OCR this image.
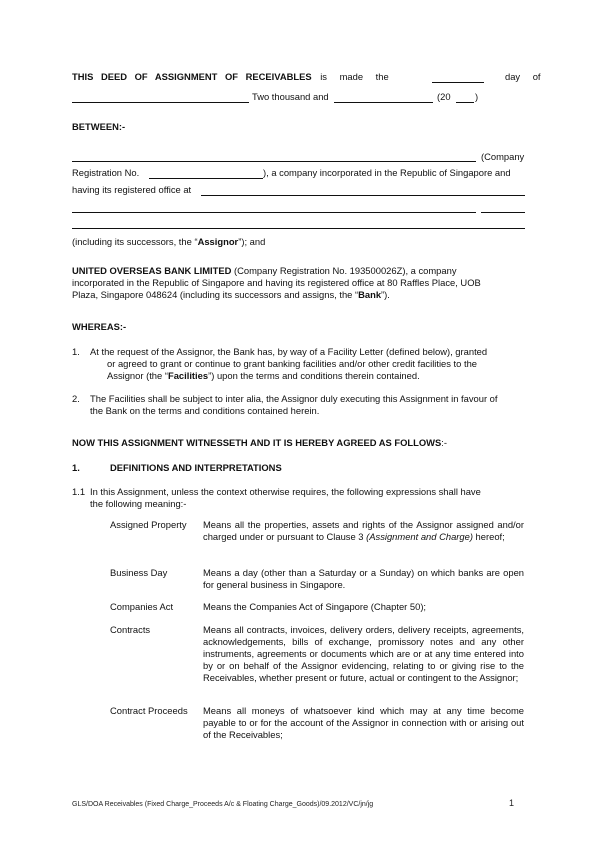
THIS DEED OF ASSIGNMENT OF RECEIVABLES is made the	day of
Two thousand and	(20	)
BETWEEN:-
(Company
Registration No.	), a company incorporated in the Republic of Singapore and
having its registered office at
(including its successors, the “Assignor”); and
UNITED OVERSEAS BANK LIMITED (Company Registration No. 193500026Z), a company
incorporated in the Republic of Singapore and having its registered office at 80 Raffles Place, UOB
Plaza, Singapore 048624 (including its successors and assigns, the “Bank”).
WHEREAS:-
1. At the request of the Assignor, the Bank has, by way of a Facility Letter (defined below), granted
or agreed to grant or continue to grant banking facilities and/or other credit facilities to the
Assignor (the “Facilities”) upon the terms and conditions therein contained.
2. The Facilities shall be subject to inter alia, the Assignor duly executing this Assignment in favour of
the Bank on the terms and conditions contained herein.
NOW THIS ASSIGNMENT WITNESSETH AND IT IS HEREBY AGREED AS FOLLOWS:-
1.	DEFINITIONS AND INTERPRETATIONS
1.1 In this Assignment, unless the context otherwise requires, the following expressions shall have
the following meaning:-
Assigned Property	Means all the properties, assets and rights of the Assignor assigned and/or charged under or pursuant to Clause 3 (Assignment and Charge) hereof;
Business Day	Means a day (other than a Saturday or a Sunday) on which banks are open for general business in Singapore.
Companies Act	Means the Companies Act of Singapore (Chapter 50);
Contracts	Means all contracts, invoices, delivery orders, delivery receipts, agreements, acknowledgements, bills of exchange, promissory notes and any other instruments, agreements or documents which are or at any time entered into by or on behalf of the Assignor evidencing, relating to or giving rise to the Receivables, whether present or future, actual or contingent to the Assignor;
Contract Proceeds Means all moneys of whatsoever kind which may at any time become payable to or for the account of the Assignor in connection with or arising out of the Receivables;
GLS/DOA Receivables (Fixed Charge_Proceeds A/c & Floating Charge_Goods)/09.2012/VC/jn/jg	1
